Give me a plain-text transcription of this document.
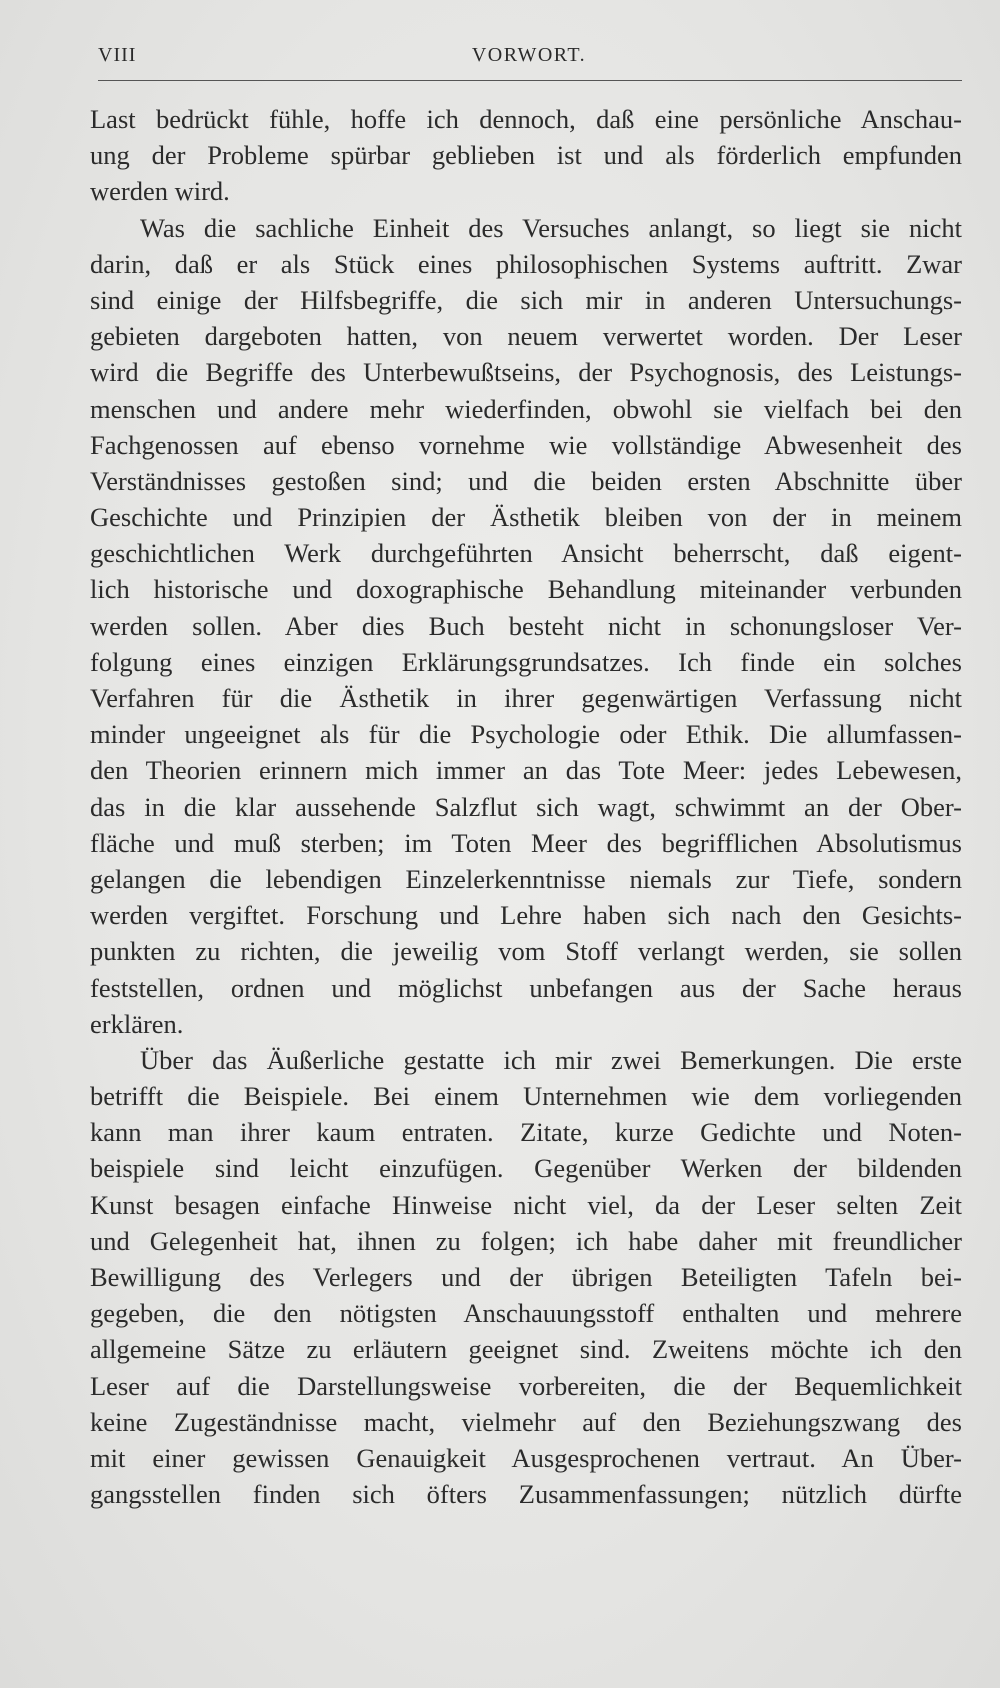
VIII	VORWORT.
Last bedrückt fühle, hoffe ich dennoch, daß eine persönliche Anschau-
ung der Probleme spürbar geblieben ist und als förderlich empfunden
werden wird.
Was die sachliche Einheit des Versuches anlangt, so liegt sie nicht
darin, daß er als Stück eines philosophischen Systems auftritt. Zwar
sind einige der Hilfsbegriffe, die sich mir in anderen Untersuchungs-
gebieten dargeboten hatten, von neuem verwertet worden. Der Leser
wird die Begriffe des Unterbewußtseins, der Psychognosis, des Leistungs-
menschen und andere mehr wiederfinden, obwohl sie vielfach bei den
Fachgenossen auf ebenso vornehme wie vollständige Abwesenheit des
Verständnisses gestoßen sind; und die beiden ersten Abschnitte über
Geschichte und Prinzipien der Ästhetik bleiben von der in meinem
geschichtlichen Werk durchgeführten Ansicht beherrscht, daß eigent-
lich historische und doxographische Behandlung miteinander verbunden
werden sollen. Aber dies Buch besteht nicht in schonungsloser Ver-
folgung eines einzigen Erklärungsgrundsatzes. Ich finde ein solches
Verfahren für die Ästhetik in ihrer gegenwärtigen Verfassung nicht
minder ungeeignet als für die Psychologie oder Ethik. Die allumfassen-
den Theorien erinnern mich immer an das Tote Meer: jedes Lebewesen,
das in die klar aussehende Salzflut sich wagt, schwimmt an der Ober-
fläche und muß sterben; im Toten Meer des begrifflichen Absolutismus
gelangen die lebendigen Einzelerkenntnisse niemals zur Tiefe, sondern
werden vergiftet. Forschung und Lehre haben sich nach den Gesichts-
punkten zu richten, die jeweilig vom Stoff verlangt werden, sie sollen
feststellen, ordnen und möglichst unbefangen aus der Sache heraus
erklären.
Über das Äußerliche gestatte ich mir zwei Bemerkungen. Die erste
betrifft die Beispiele. Bei einem Unternehmen wie dem vorliegenden
kann man ihrer kaum entraten. Zitate, kurze Gedichte und Noten-
beispiele sind leicht einzufügen. Gegenüber Werken der bildenden
Kunst besagen einfache Hinweise nicht viel, da der Leser selten Zeit
und Gelegenheit hat, ihnen zu folgen; ich habe daher mit freundlicher
Bewilligung des Verlegers und der übrigen Beteiligten Tafeln bei-
gegeben, die den nötigsten Anschauungsstoff enthalten und mehrere
allgemeine Sätze zu erläutern geeignet sind. Zweitens möchte ich den
Leser auf die Darstellungsweise vorbereiten, die der Bequemlichkeit
keine Zugeständnisse macht, vielmehr auf den Beziehungszwang des
mit einer gewissen Genauigkeit Ausgesprochenen vertraut. An Über-
gangsstellen finden sich öfters Zusammenfassungen; nützlich dürfte
